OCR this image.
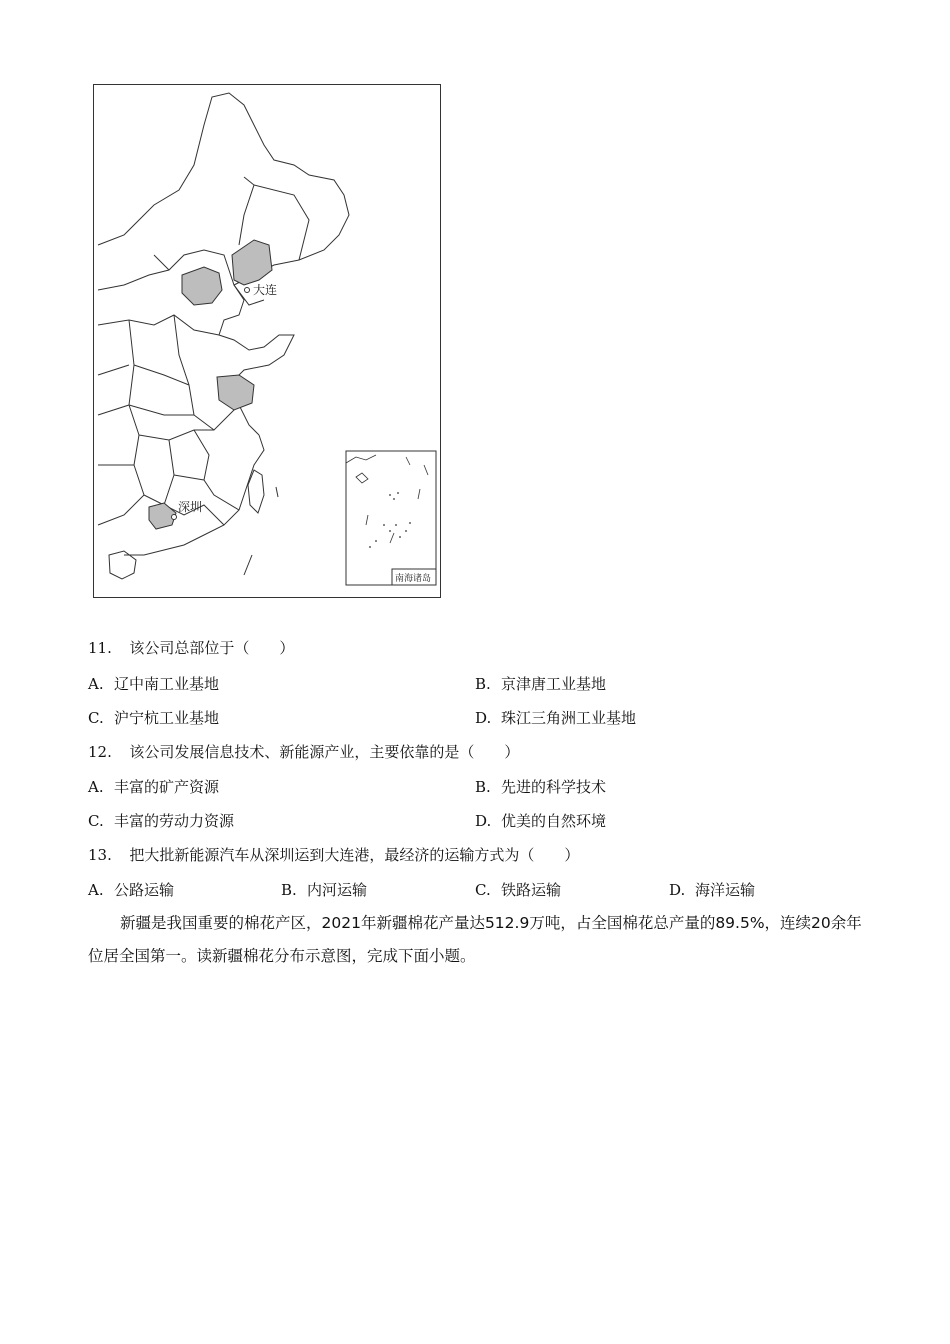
大连
深圳
南海诸岛
11. 该公司总部位于（　　）
A. 辽中南工业基地	B. 京津唐工业基地
C. 沪宁杭工业基地	D. 珠江三角洲工业基地
12. 该公司发展信息技术、新能源产业，主要依靠的是（　　）
A. 丰富的矿产资源	B. 先进的科学技术
C. 丰富的劳动力资源	D. 优美的自然环境
13. 把大批新能源汽车从深圳运到大连港，最经济的运输方式为（　　）
A. 公路运输	B. 内河运输	C. 铁路运输	D. 海洋运输

新疆是我国重要的棉花产区，2021年新疆棉花产量达512.9万吨，占全国棉花总产量的89.5%，连续20余年位居全国第一。读新疆棉花分布示意图，完成下面小题。
